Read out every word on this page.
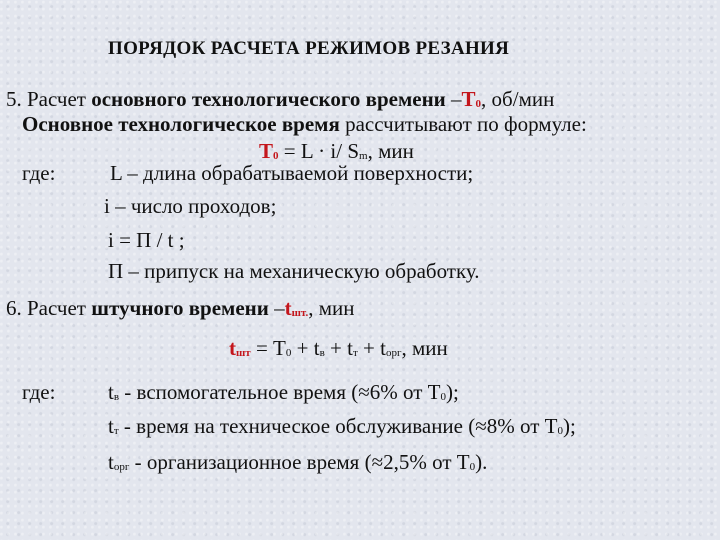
ПОРЯДОК РАСЧЕТА РЕЖИМОВ РЕЗАНИЯ
5. Расчет основного технологического времени $-Т_0$, об/мин
Основное технологическое время рассчитывают по формуле:
$Т_0 = L \cdot i/$ $S_m$, мин
где:	L – длина обрабатываемой поверхности;
i – число проходов;
i = П / t ;
П – припуск на механическую обработку.
6. Расчет штучного времени $-t_{шт.}$, мин
$t_{шт} = Т_0 + t_в + t_т + t_{орг}$, мин
где:	$t_в$ - вспомогательное время (≈6% от $Т_0$);
$t_т$ - время на техническое обслуживание (≈8% от $Т_0$);
$t_{орг}$ - организационное время (≈2,5% от $Т_0$).
